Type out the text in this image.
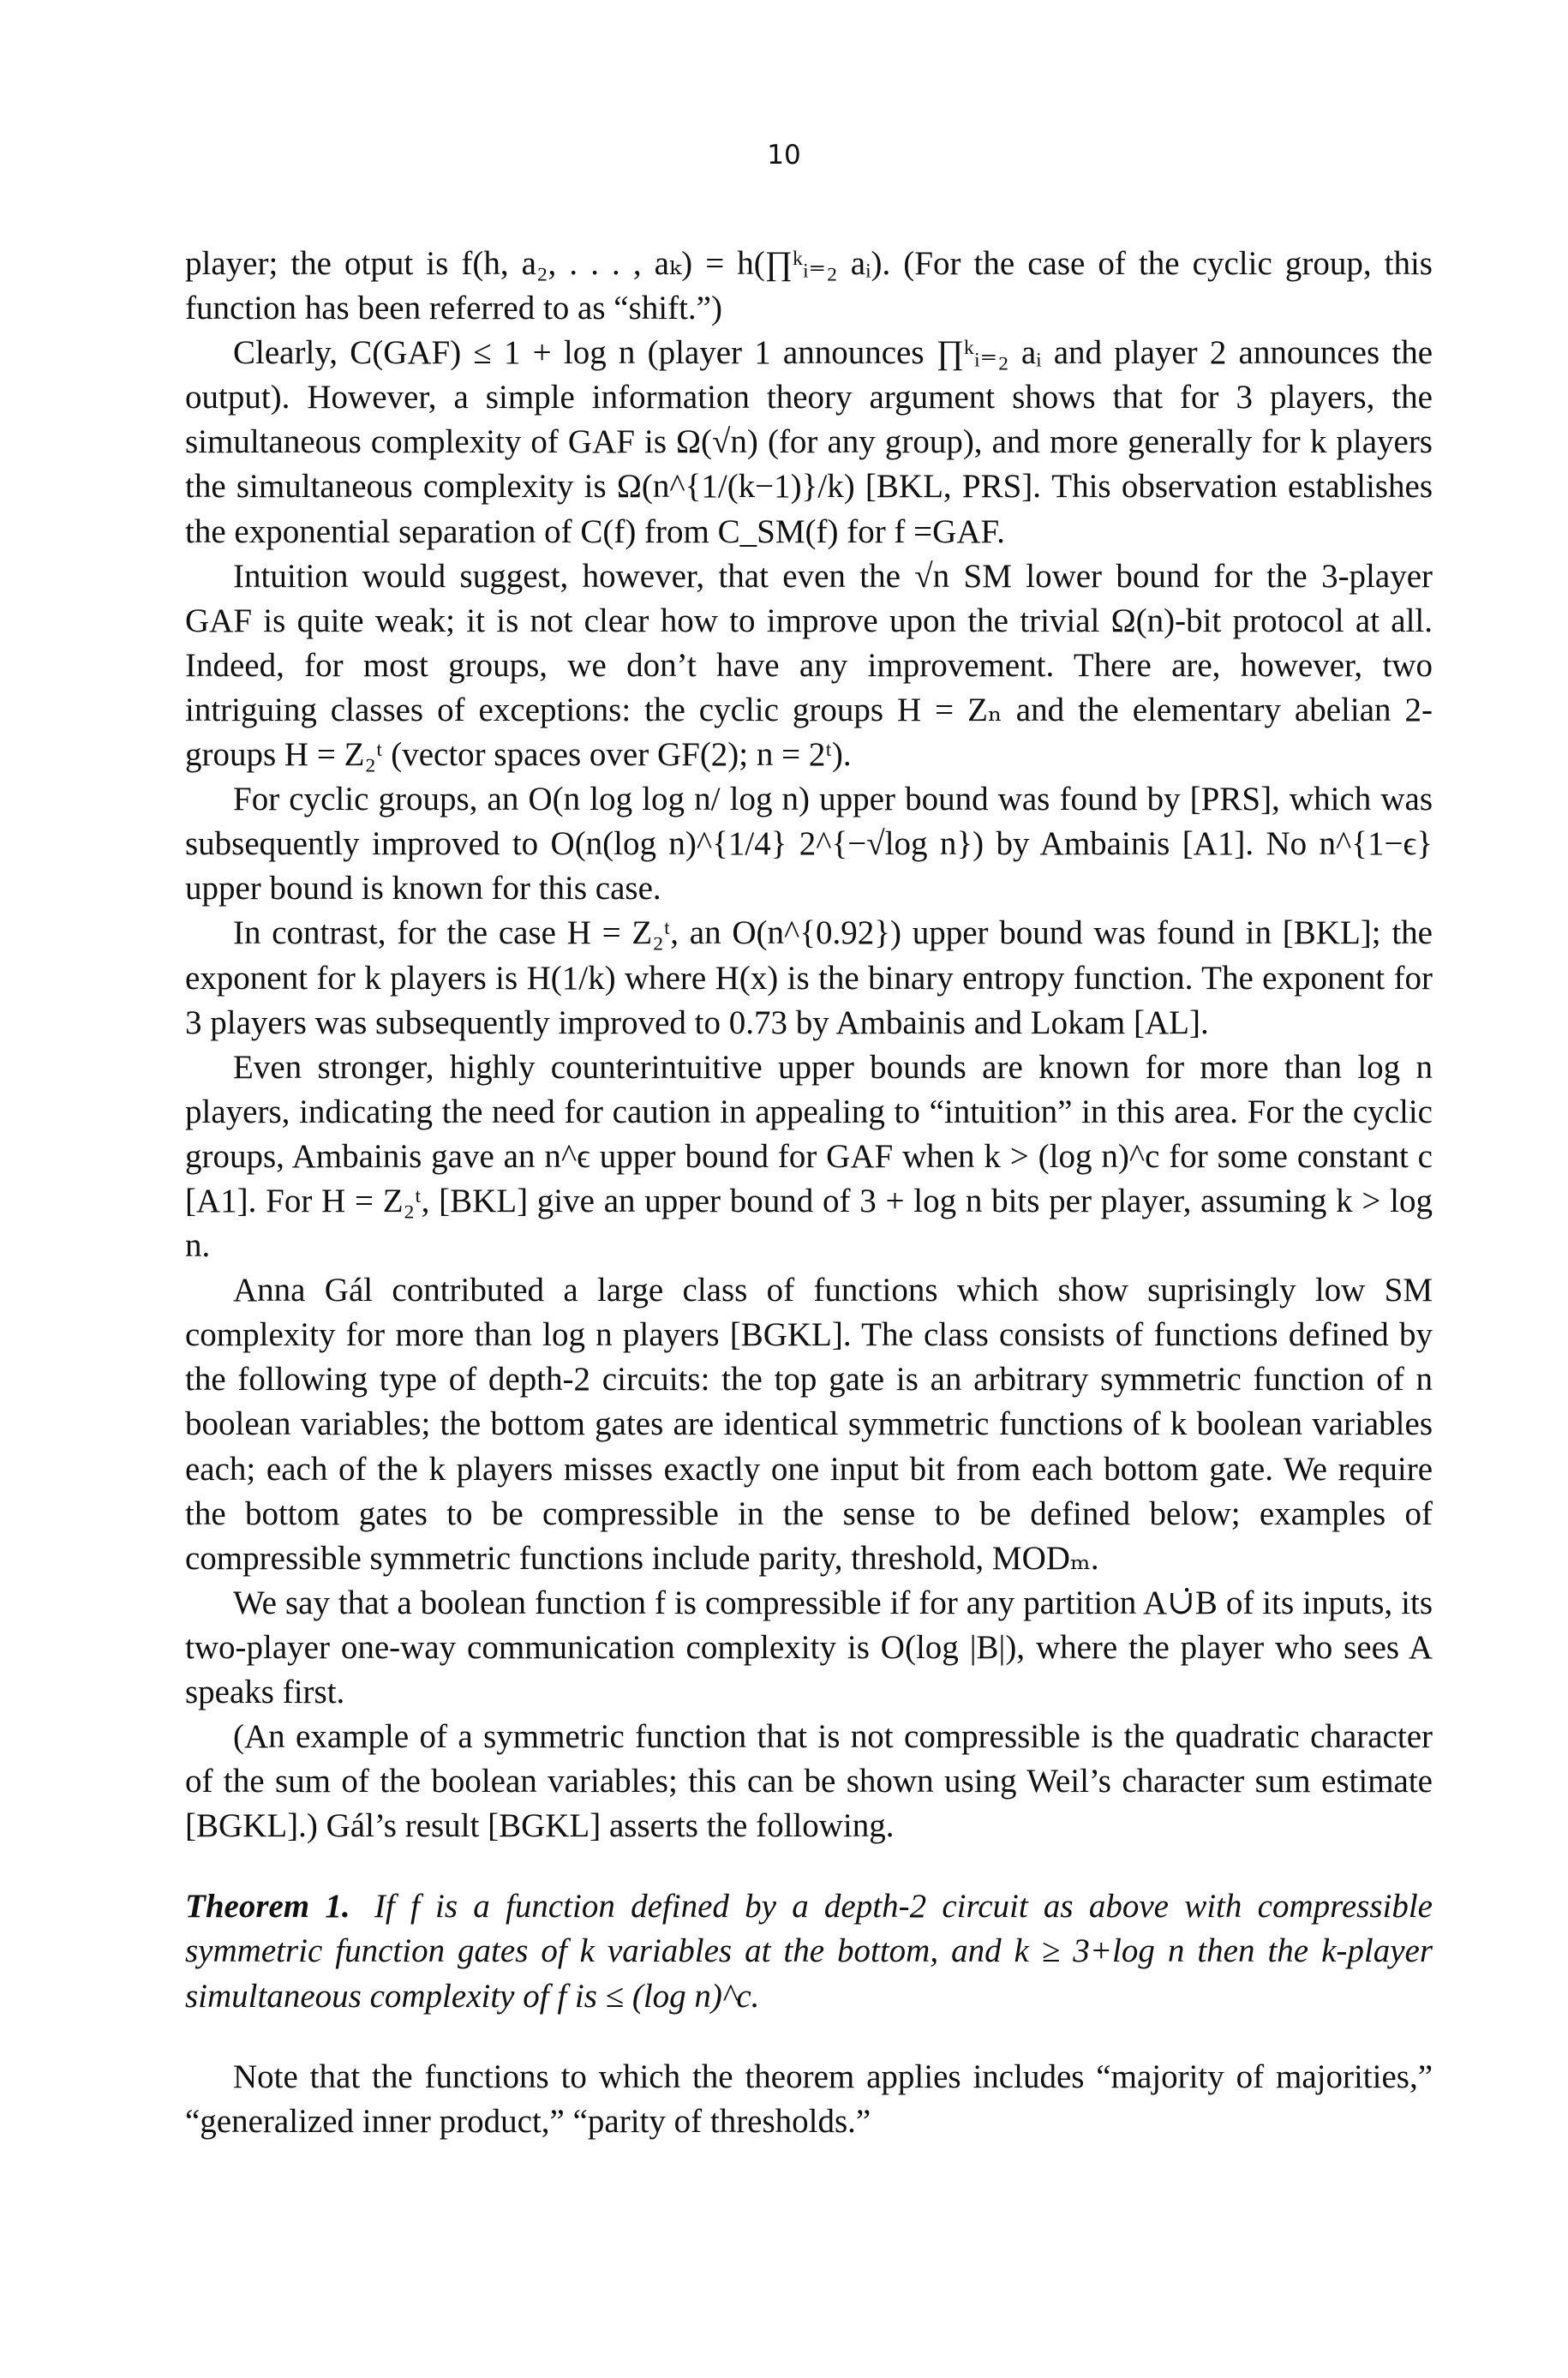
10

player; the otput is f(h, a₂, . . . , aₖ) = h(∏ᵏᵢ₌₂ aᵢ). (For the case of the cyclic group, this function has been referred to as “shift.”)

Clearly, C(GAF) ≤ 1 + log n (player 1 announces ∏ᵏᵢ₌₂ aᵢ and player 2 announces the output). However, a simple information theory argument shows that for 3 players, the simultaneous complexity of GAF is Ω(√n) (for any group), and more generally for k players the simultaneous complexity is Ω(n^{1/(k−1)}/k) [BKL, PRS]. This observation establishes the exponential separation of C(f) from C_SM(f) for f =GAF.

Intuition would suggest, however, that even the √n SM lower bound for the 3-player GAF is quite weak; it is not clear how to improve upon the trivial Ω(n)-bit protocol at all. Indeed, for most groups, we don’t have any improvement. There are, however, two intriguing classes of exceptions: the cyclic groups H = Zₙ and the elementary abelian 2-groups H = Z₂ᵗ (vector spaces over GF(2); n = 2ᵗ).

For cyclic groups, an O(n log log n/ log n) upper bound was found by [PRS], which was subsequently improved to O(n(log n)^{1/4} 2^{−√log n}) by Ambainis [A1]. No n^{1−ϵ} upper bound is known for this case.

In contrast, for the case H = Z₂ᵗ, an O(n^{0.92}) upper bound was found in [BKL]; the exponent for k players is H(1/k) where H(x) is the binary entropy function. The exponent for 3 players was subsequently improved to 0.73 by Ambainis and Lokam [AL].

Even stronger, highly counterintuitive upper bounds are known for more than log n players, indicating the need for caution in appealing to “intuition” in this area. For the cyclic groups, Ambainis gave an n^ϵ upper bound for GAF when k > (log n)^c for some constant c [A1]. For H = Z₂ᵗ, [BKL] give an upper bound of 3 + log n bits per player, assuming k > log n.

Anna Gál contributed a large class of functions which show suprisingly low SM complexity for more than log n players [BGKL]. The class consists of functions defined by the following type of depth-2 circuits: the top gate is an arbitrary symmetric function of n boolean variables; the bottom gates are identical symmetric functions of k boolean variables each; each of the k players misses exactly one input bit from each bottom gate. We require the bottom gates to be compressible in the sense to be defined below; examples of compressible symmetric functions include parity, threshold, MODₘ.

We say that a boolean function f is compressible if for any partition A∪̇B of its inputs, its two-player one-way communication complexity is O(log |B|), where the player who sees A speaks first.

(An example of a symmetric function that is not compressible is the quadratic character of the sum of the boolean variables; this can be shown using Weil’s character sum estimate [BGKL].) Gál’s result [BGKL] asserts the following.

Theorem 1. If f is a function defined by a depth-2 circuit as above with compressible symmetric function gates of k variables at the bottom, and k ≥ 3+log n then the k-player simultaneous complexity of f is ≤ (log n)^c.

Note that the functions to which the theorem applies includes “majority of majorities,” “generalized inner product,” “parity of thresholds.”
